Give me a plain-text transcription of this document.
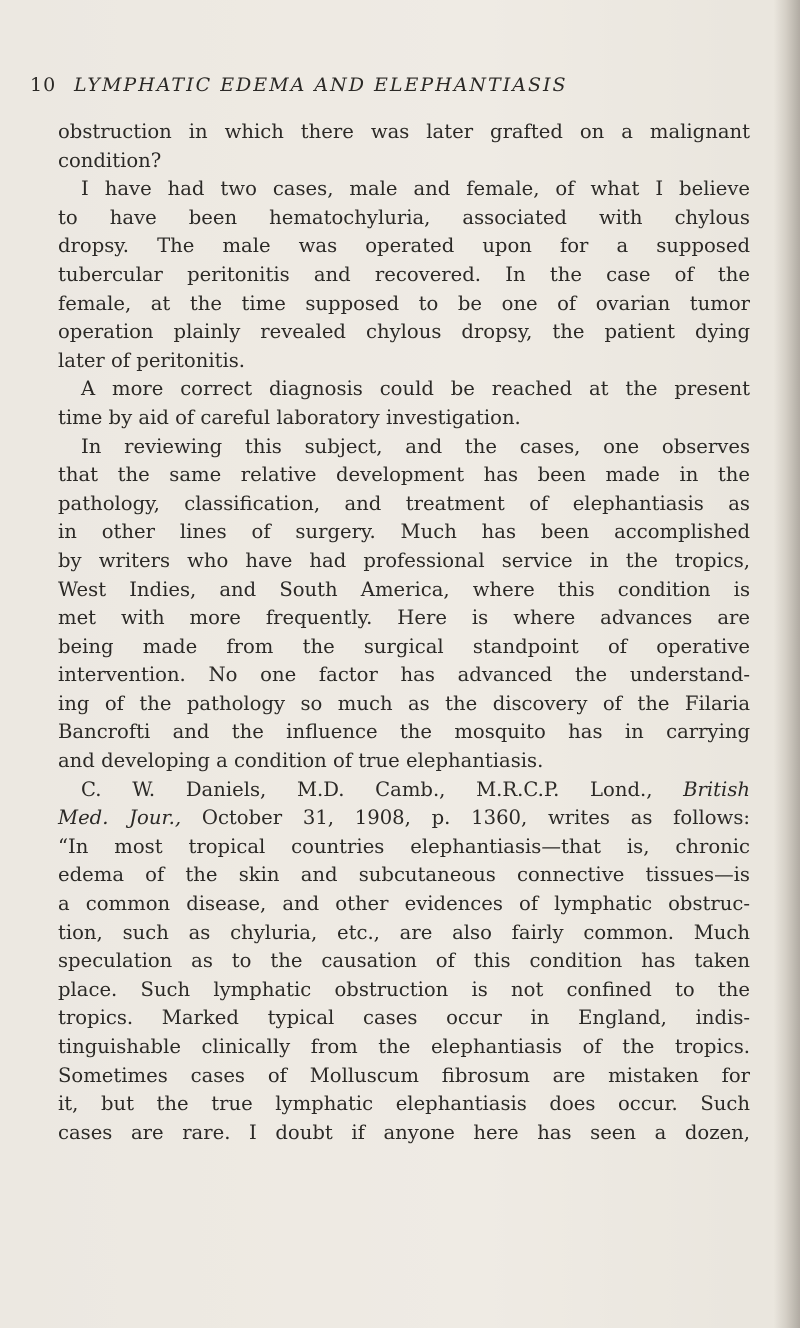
10 LYMPHATIC EDEMA AND ELEPHANTIASIS

obstruction in which there was later grafted on a malignant
condition?

I have had two cases, male and female, of what I believe
to have been hematochyluria, associated with chylous
dropsy. The male was operated upon for a supposed
tubercular peritonitis and recovered. In the case of the
female, at the time supposed to be one of ovarian tumor
operation plainly revealed chylous dropsy, the patient dying
later of peritonitis.

A more correct diagnosis could be reached at the present
time by aid of careful laboratory investigation.

In reviewing this subject, and the cases, one observes
that the same relative development has been made in the
pathology, classification, and treatment of elephantiasis as
in other lines of surgery. Much has been accomplished
by writers who have had professional service in the tropics,
West Indies, and South America, where this condition is
met with more frequently. Here is where advances are
being made from the surgical standpoint of operative
intervention. No one factor has advanced the understand-
ing of the pathology so much as the discovery of the Filaria
Bancrofti and the influence the mosquito has in carrying
and developing a condition of true elephantiasis.

C. W. Daniels, M.D. Camb., M.R.C.P. Lond., British
Med. Jour., October 31, 1908, p. 1360, writes as follows:
“In most tropical countries elephantiasis—that is, chronic
edema of the skin and subcutaneous connective tissues—is
a common disease, and other evidences of lymphatic obstruc-
tion, such as chyluria, etc., are also fairly common. Much
speculation as to the causation of this condition has taken
place. Such lymphatic obstruction is not confined to the
tropics. Marked typical cases occur in England, indis-
tinguishable clinically from the elephantiasis of the tropics.
Sometimes cases of Molluscum fibrosum are mistaken for
it, but the true lymphatic elephantiasis does occur. Such
cases are rare. I doubt if anyone here has seen a dozen,
